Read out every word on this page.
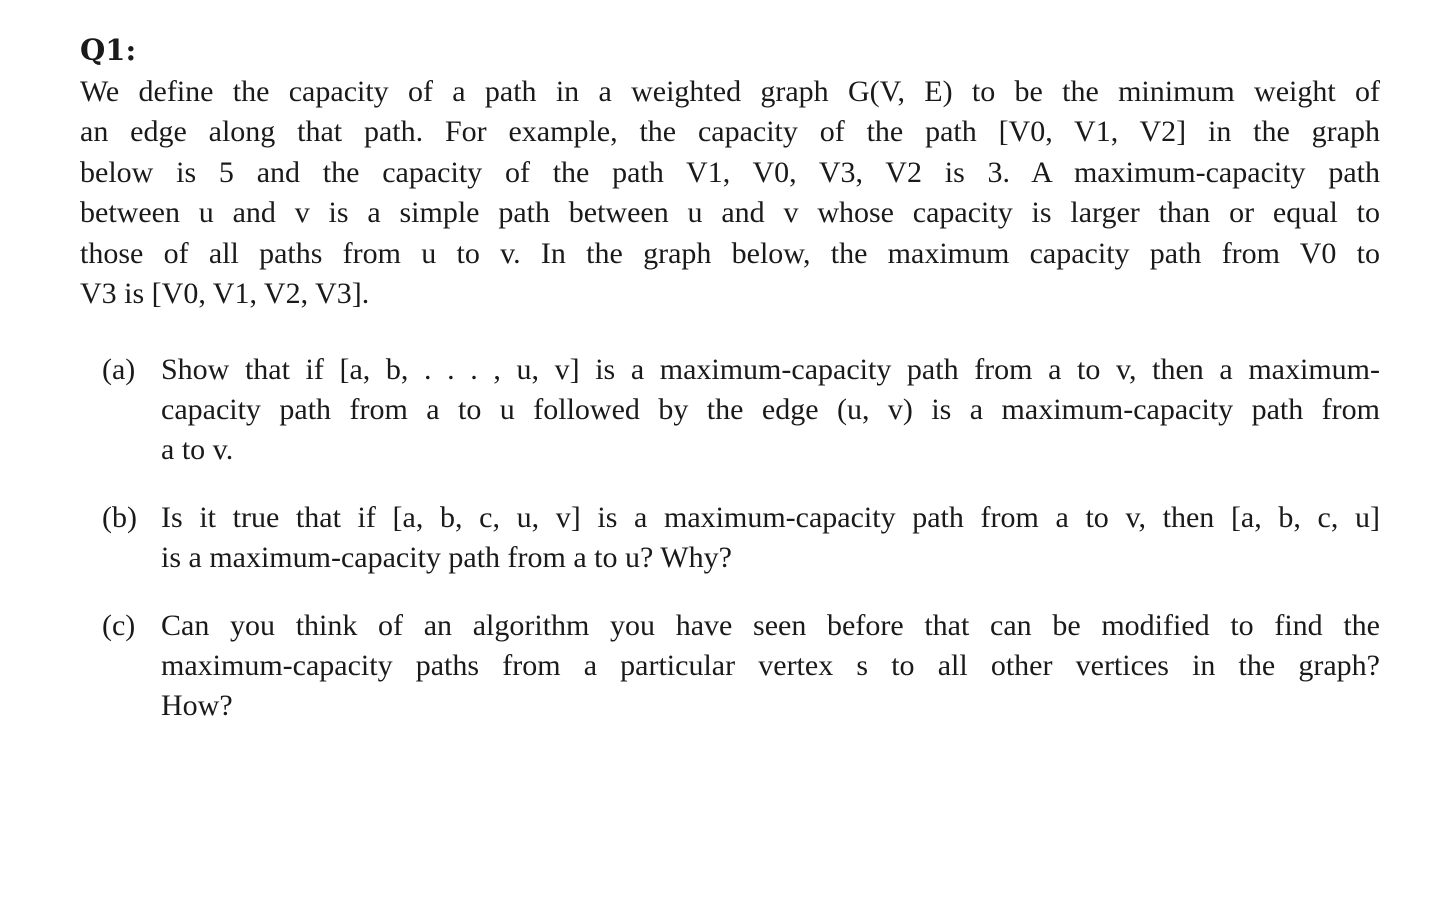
Q1:
We define the capacity of a path in a weighted graph G(V, E) to be the minimum weight of
an edge along that path. For example, the capacity of the path [V0, V1, V2] in the graph
below is 5 and the capacity of the path V1, V0, V3, V2 is 3. A maximum-capacity path
between u and v is a simple path between u and v whose capacity is larger than or equal to
those of all paths from u to v. In the graph below, the maximum capacity path from V0 to
V3 is [V0, V1, V2, V3].
(a) Show that if [a, b, . . . , u, v] is a maximum-capacity path from a to v, then a maximum-
capacity path from a to u followed by the edge (u, v) is a maximum-capacity path from
a to v.
(b) Is it true that if [a, b, c, u, v] is a maximum-capacity path from a to v, then [a, b, c, u]
is a maximum-capacity path from a to u? Why?
(c) Can you think of an algorithm you have seen before that can be modified to find the
maximum-capacity paths from a particular vertex s to all other vertices in the graph?
How?
